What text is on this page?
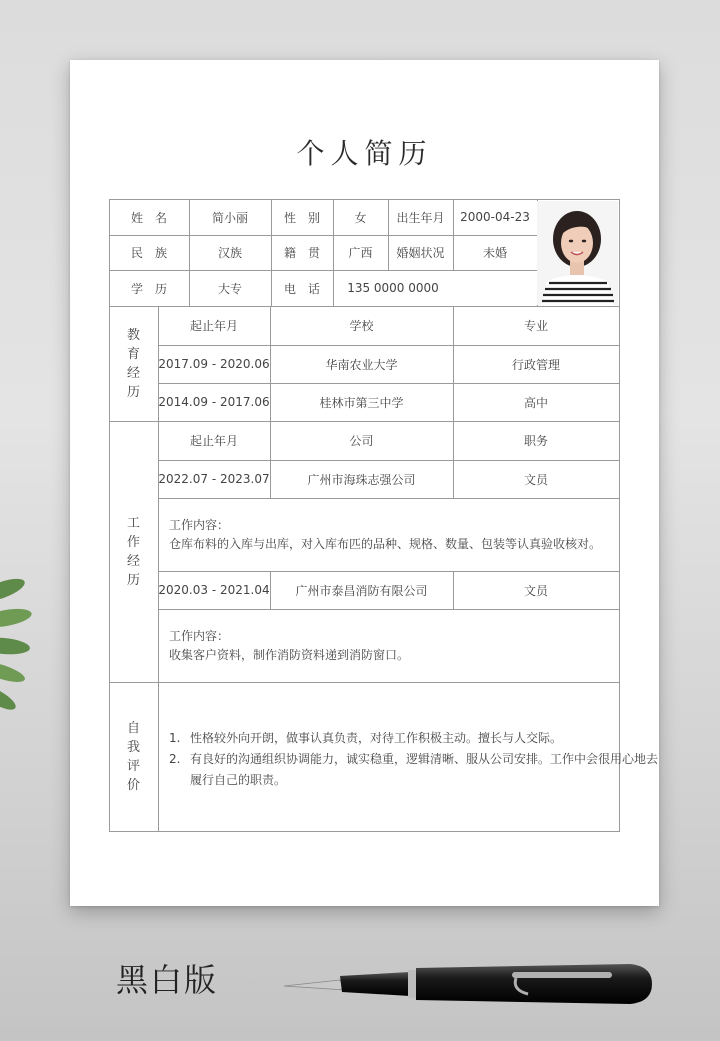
个人简历
姓　名	简小丽	性　别	女	出生年月	2000-04-23
民　族	汉族	籍　贯	广西	婚姻状况	未婚
学　历	大专	电　话	135 0000 0000
教
育
经
历
起止年月	学校	专业
2017.09 - 2020.06	华南农业大学	行政管理
2014.09 - 2017.06	桂林市第三中学	高中
工
作
经
历
起止年月	公司	职务
2022.07 - 2023.07	广州市海珠志强公司	文员
工作内容：
仓库布料的入库与出库，对入库布匹的品种、规格、数量、包装等认真验收核对。
2020.03 - 2021.04	广州市泰昌消防有限公司	文员
工作内容：
收集客户资料，制作消防资料递到消防窗口。
自
我
评
价
1. 性格较外向开朗，做事认真负责，对待工作积极主动。擅长与人交际。
2. 有良好的沟通组织协调能力，诚实稳重，逻辑清晰、服从公司安排。工作中会很用心地去
履行自己的职责。
黑白版
